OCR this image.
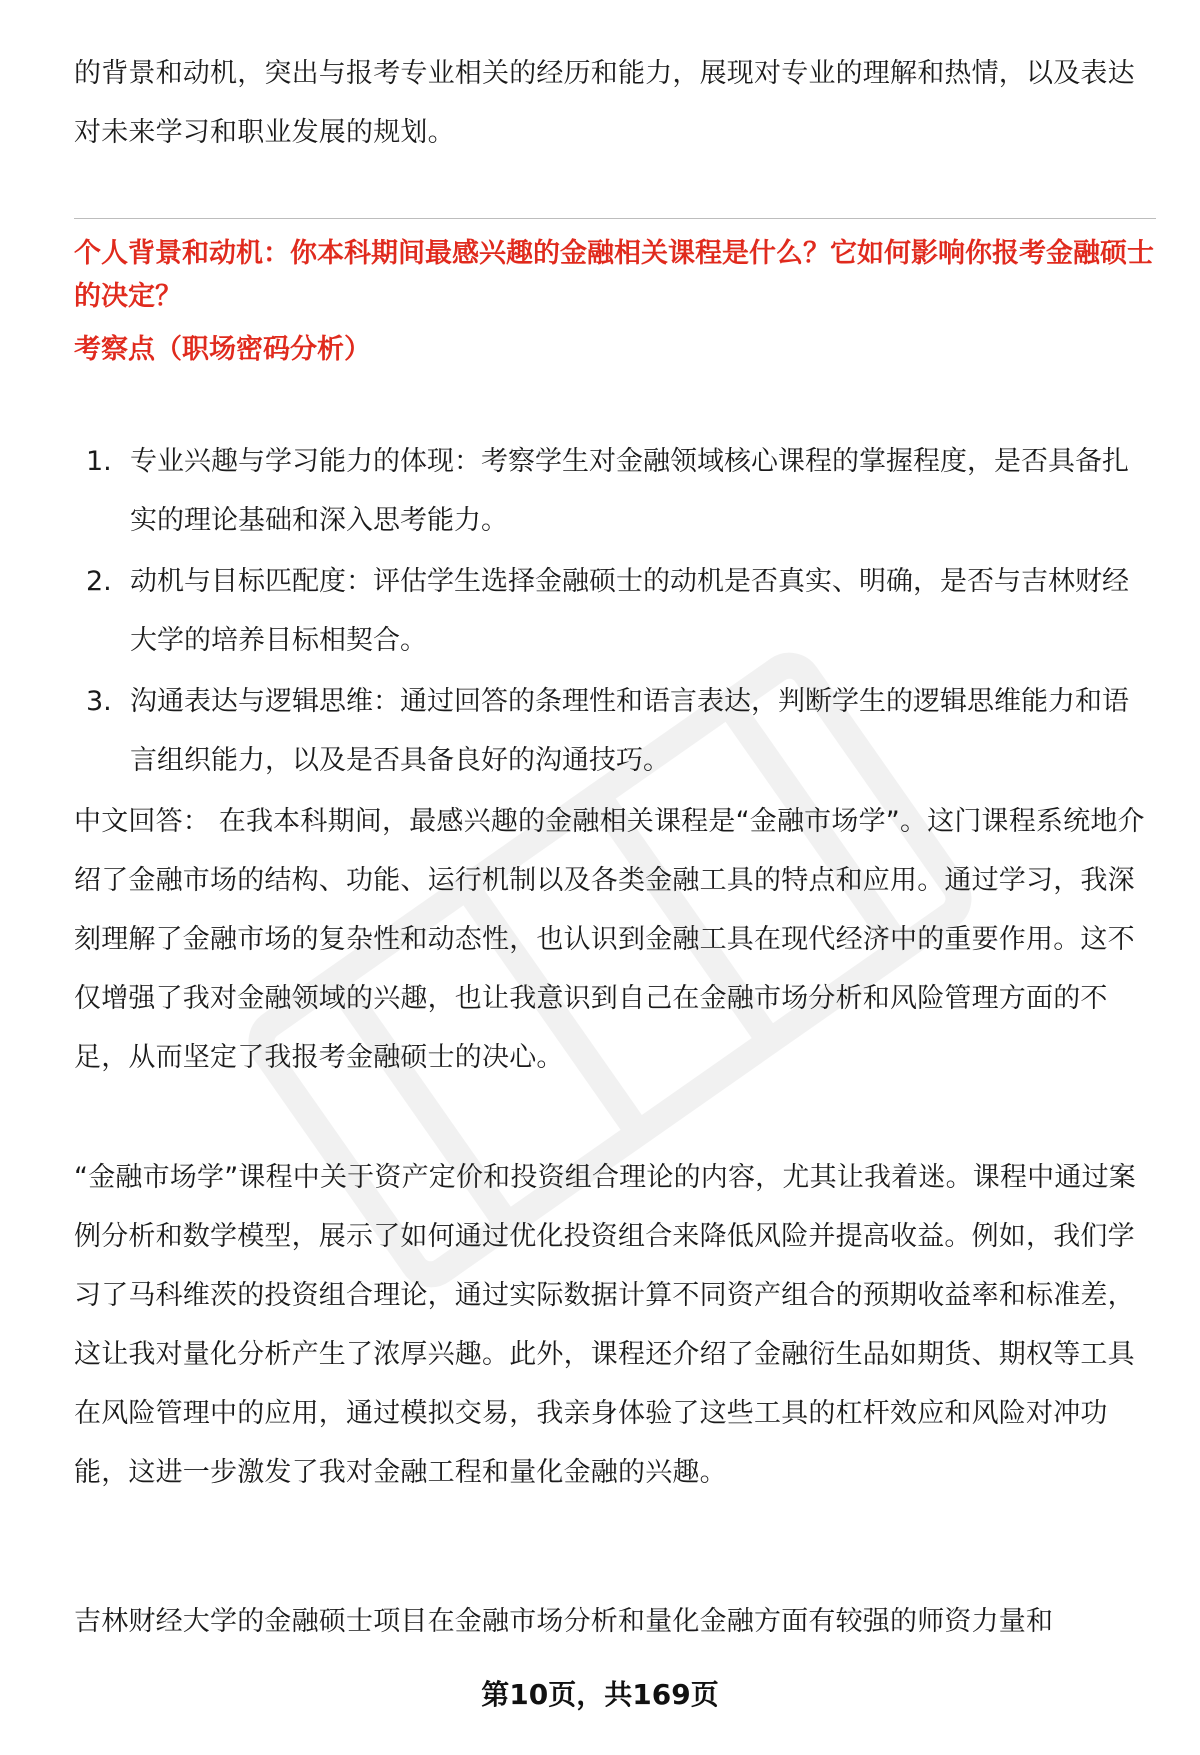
的背景和动机，突出与报考专业相关的经历和能力，展现对专业的理解和热情，以及表达对未来学习和职业发展的规划。

个人背景和动机：你本科期间最感兴趣的金融相关课程是什么？它如何影响你报考金融硕士的决定？
考察点（职场密码分析）
1. 专业兴趣与学习能力的体现：考察学生对金融领域核心课程的掌握程度，是否具备扎实的理论基础和深入思考能力。
2. 动机与目标匹配度：评估学生选择金融硕士的动机是否真实、明确，是否与吉林财经大学的培养目标相契合。
3. 沟通表达与逻辑思维：通过回答的条理性和语言表达，判断学生的逻辑思维能力和语言组织能力，以及是否具备良好的沟通技巧。

中文回答： 在我本科期间，最感兴趣的金融相关课程是“金融市场学”。这门课程系统地介绍了金融市场的结构、功能、运行机制以及各类金融工具的特点和应用。通过学习，我深刻理解了金融市场的复杂性和动态性，也认识到金融工具在现代经济中的重要作用。这不仅增强了我对金融领域的兴趣，也让我意识到自己在金融市场分析和风险管理方面的不足，从而坚定了我报考金融硕士的决心。

“金融市场学”课程中关于资产定价和投资组合理论的内容，尤其让我着迷。课程中通过案例分析和数学模型，展示了如何通过优化投资组合来降低风险并提高收益。例如，我们学习了马科维茨的投资组合理论，通过实际数据计算不同资产组合的预期收益率和标准差，这让我对量化分析产生了浓厚兴趣。此外，课程还介绍了金融衍生品如期货、期权等工具在风险管理中的应用，通过模拟交易，我亲身体验了这些工具的杠杆效应和风险对冲功能，这进一步激发了我对金融工程和量化金融的兴趣。

吉林财经大学的金融硕士项目在金融市场分析和量化金融方面有较强的师资力量和

第10页，共169页
